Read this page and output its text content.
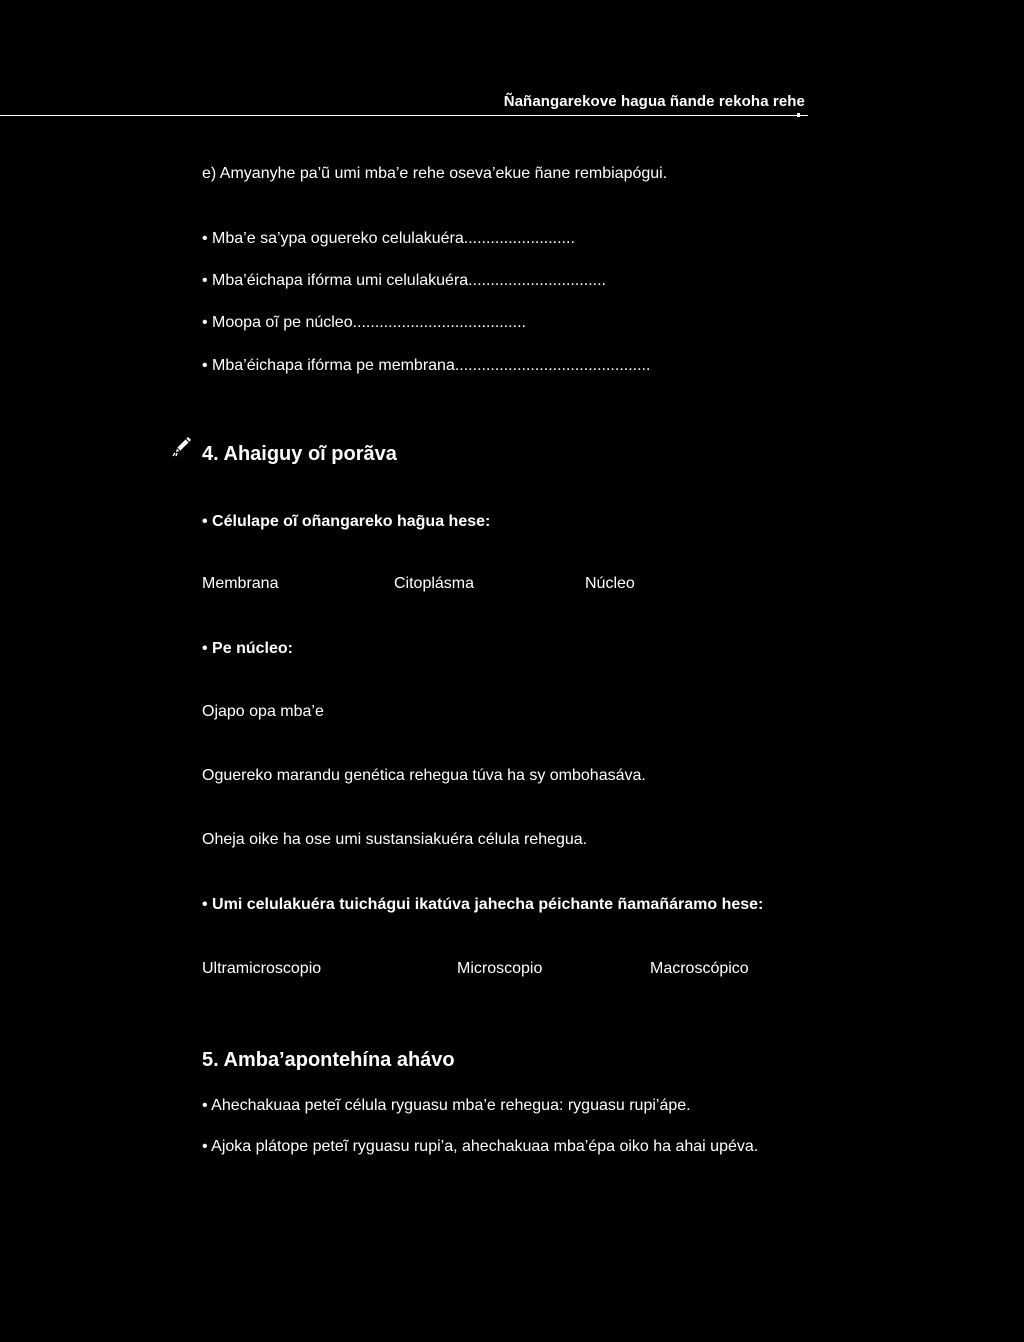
Ñañangarekove hagua ñande rekoha rehe
e) Amyanyhe pa’ũ umi mba’e rehe oseva’ekue ñane rembiapógui.
• Mba’e sa’ypa oguereko celulakuéra.........................
• Mba’éichapa ifórma umi celulakuéra...............................
• Moopa oĩ pe núcleo.......................................
• Mba’éichapa ifórma pe membrana............................................
4. Ahaiguy oĩ porãva
• Célulape oĩ oñangareko hag̃ua hese:
Membrana	Citoplásma	Núcleo
• Pe núcleo:
Ojapo opa mba’e
Oguereko marandu genética rehegua túva ha sy ombohasáva.
Oheja oike ha ose umi sustansiakuéra célula rehegua.
• Umi celulakuéra tuichágui ikatúva jahecha péichante ñamañáramo hese:
Ultramicroscopio	Microscopio	Macroscópico
5. Amba’apontehína ahávo
• Ahechakuaa peteĩ célula ryguasu mba’e rehegua: ryguasu rupi’ápe.
• Ajoka plátope peteĩ ryguasu rupi’a, ahechakuaa mba’épa oiko ha ahai upéva.
